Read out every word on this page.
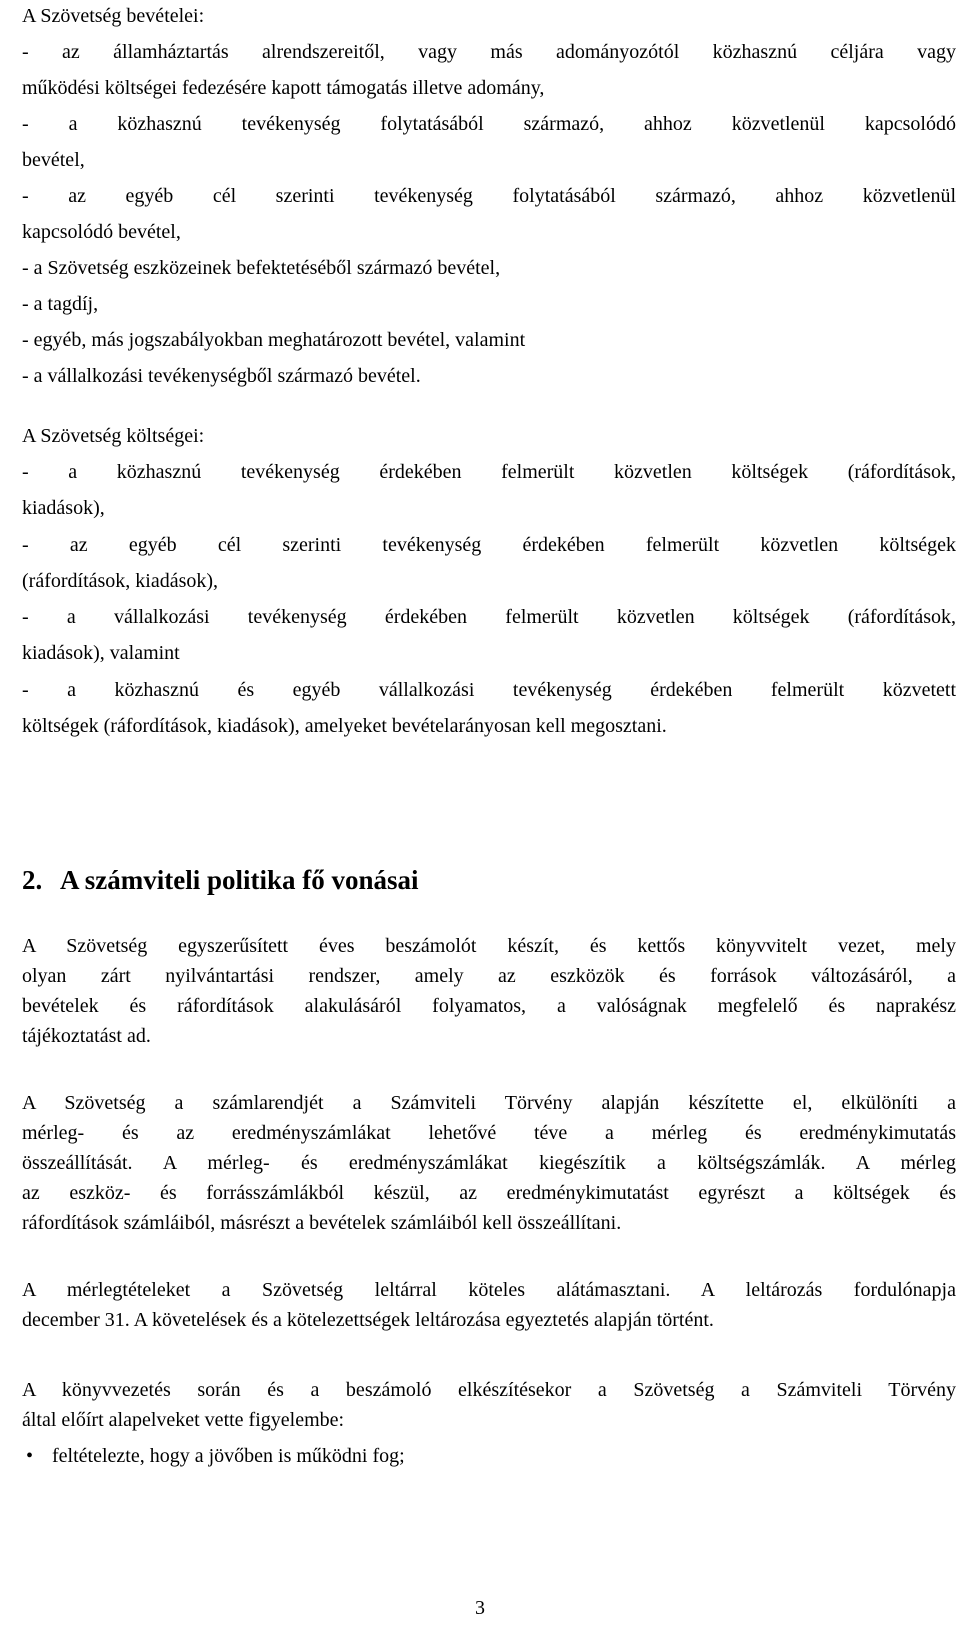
A Szövetség bevételei:
- az államháztartás alrendszereitől, vagy más adományozótól közhasznú céljára vagy
működési költségei fedezésére kapott támogatás illetve adomány,
- a közhasznú tevékenység folytatásából származó, ahhoz közvetlenül kapcsolódó
bevétel,
- az egyéb cél szerinti tevékenység folytatásából származó, ahhoz közvetlenül
kapcsolódó bevétel,
- a Szövetség eszközeinek befektetéséből származó bevétel,
- a tagdíj,
- egyéb, más jogszabályokban meghatározott bevétel, valamint
- a vállalkozási tevékenységből származó bevétel.
A Szövetség költségei:
- a közhasznú tevékenység érdekében felmerült közvetlen költségek (ráfordítások,
kiadások),
- az egyéb cél szerinti tevékenység érdekében felmerült közvetlen költségek
(ráfordítások, kiadások),
- a vállalkozási tevékenység érdekében felmerült közvetlen költségek (ráfordítások,
kiadások), valamint
- a közhasznú és egyéb vállalkozási tevékenység érdekében felmerült közvetett
költségek (ráfordítások, kiadások), amelyeket bevételarányosan kell megosztani.
2. A számviteli politika fő vonásai
A Szövetség egyszerűsített éves beszámolót készít, és kettős könyvvitelt vezet, mely
olyan zárt nyilvántartási rendszer, amely az eszközök és források változásáról, a
bevételek és ráfordítások alakulásáról folyamatos, a valóságnak megfelelő és naprakész
tájékoztatást ad.
A Szövetség a számlarendjét a Számviteli Törvény alapján készítette el, elkülöníti a
mérleg- és az eredményszámlákat lehetővé téve a mérleg és eredménykimutatás
összeállítását. A mérleg- és eredményszámlákat kiegészítik a költségszámlák. A mérleg
az eszköz- és forrásszámlákból készül, az eredménykimutatást egyrészt a költségek és
ráfordítások számláiból, másrészt a bevételek számláiból kell összeállítani.
A mérlegtételeket a Szövetség leltárral köteles alátámasztani. A leltározás fordulónapja
december 31. A követelések és a kötelezettségek leltározása egyeztetés alapján történt.
A könyvvezetés során és a beszámoló elkészítésekor a Szövetség a Számviteli Törvény
által előírt alapelveket vette figyelembe:
• feltételezte, hogy a jövőben is működni fog;
3
